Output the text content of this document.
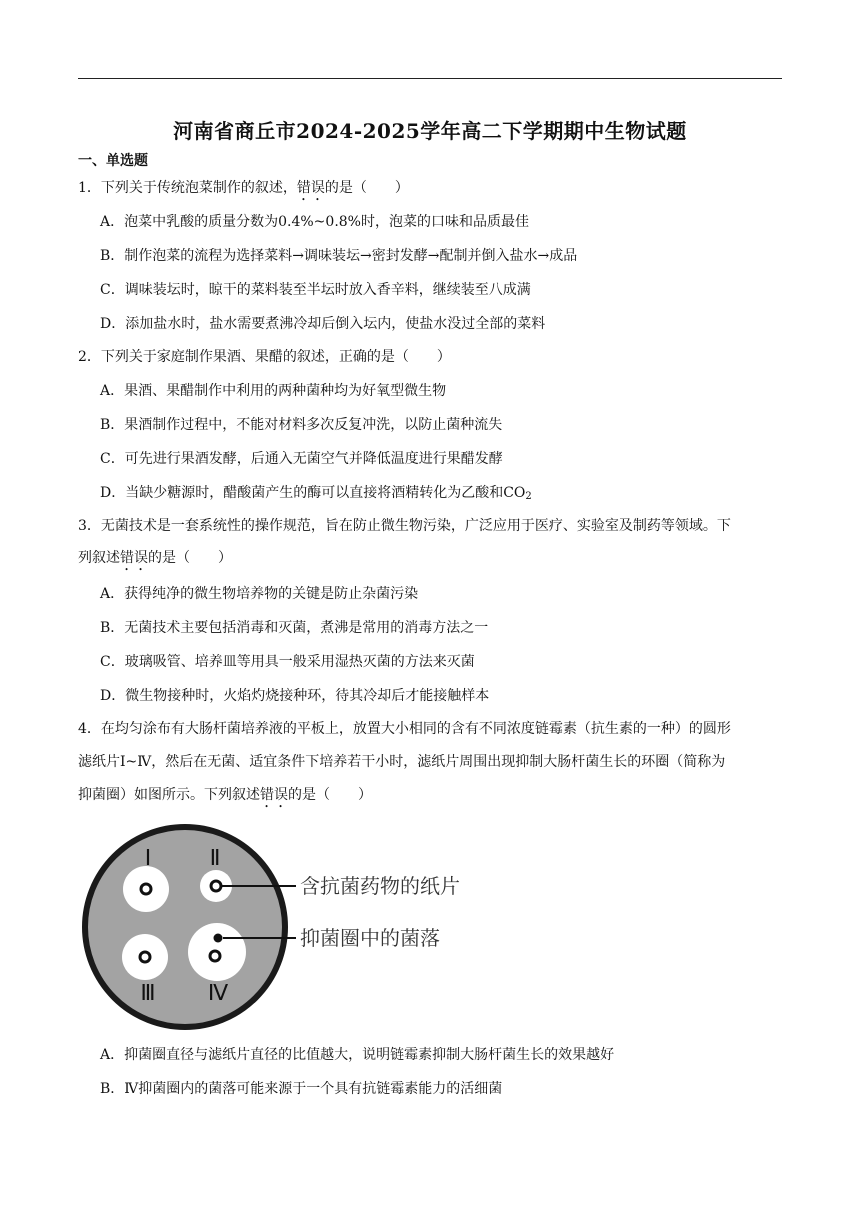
河南省商丘市2024-2025学年高二下学期期中生物试题
一、单选题
1．下列关于传统泡菜制作的叙述，错误的是（　　）
A．泡菜中乳酸的质量分数为0.4%~0.8%时，泡菜的口味和品质最佳
B．制作泡菜的流程为选择菜料→调味装坛→密封发酵→配制并倒入盐水→成品
C．调味装坛时，晾干的菜料装至半坛时放入香辛料，继续装至八成满
D．添加盐水时，盐水需要煮沸冷却后倒入坛内，使盐水没过全部的菜料
2．下列关于家庭制作果酒、果醋的叙述，正确的是（　　）
A．果酒、果醋制作中利用的两种菌种均为好氧型微生物
B．果酒制作过程中，不能对材料多次反复冲洗，以防止菌种流失
C．可先进行果酒发酵，后通入无菌空气并降低温度进行果醋发酵
D．当缺少糖源时，醋酸菌产生的酶可以直接将酒精转化为乙酸和CO2
3．无菌技术是一套系统性的操作规范，旨在防止微生物污染，广泛应用于医疗、实验室及制药等领域。下
列叙述错误的是（　　）
A．获得纯净的微生物培养物的关键是防止杂菌污染
B．无菌技术主要包括消毒和灭菌，煮沸是常用的消毒方法之一
C．玻璃吸管、培养皿等用具一般采用湿热灭菌的方法来灭菌
D．微生物接种时，火焰灼烧接种环，待其冷却后才能接触样本
4．在均匀涂布有大肠杆菌培养液的平板上，放置大小相同的含有不同浓度链霉素（抗生素的一种）的圆形
滤纸片Ⅰ~Ⅳ，然后在无菌、适宜条件下培养若干小时，滤纸片周围出现抑制大肠杆菌生长的环圈（简称为
抑菌圈）如图所示。下列叙述错误的是（　　）
Ⅰ	Ⅱ
Ⅲ Ⅳ
含抗菌药物的纸片
抑菌圈中的菌落
A．抑菌圈直径与滤纸片直径的比值越大，说明链霉素抑制大肠杆菌生长的效果越好
B．Ⅳ抑菌圈内的菌落可能来源于一个具有抗链霉素能力的活细菌
